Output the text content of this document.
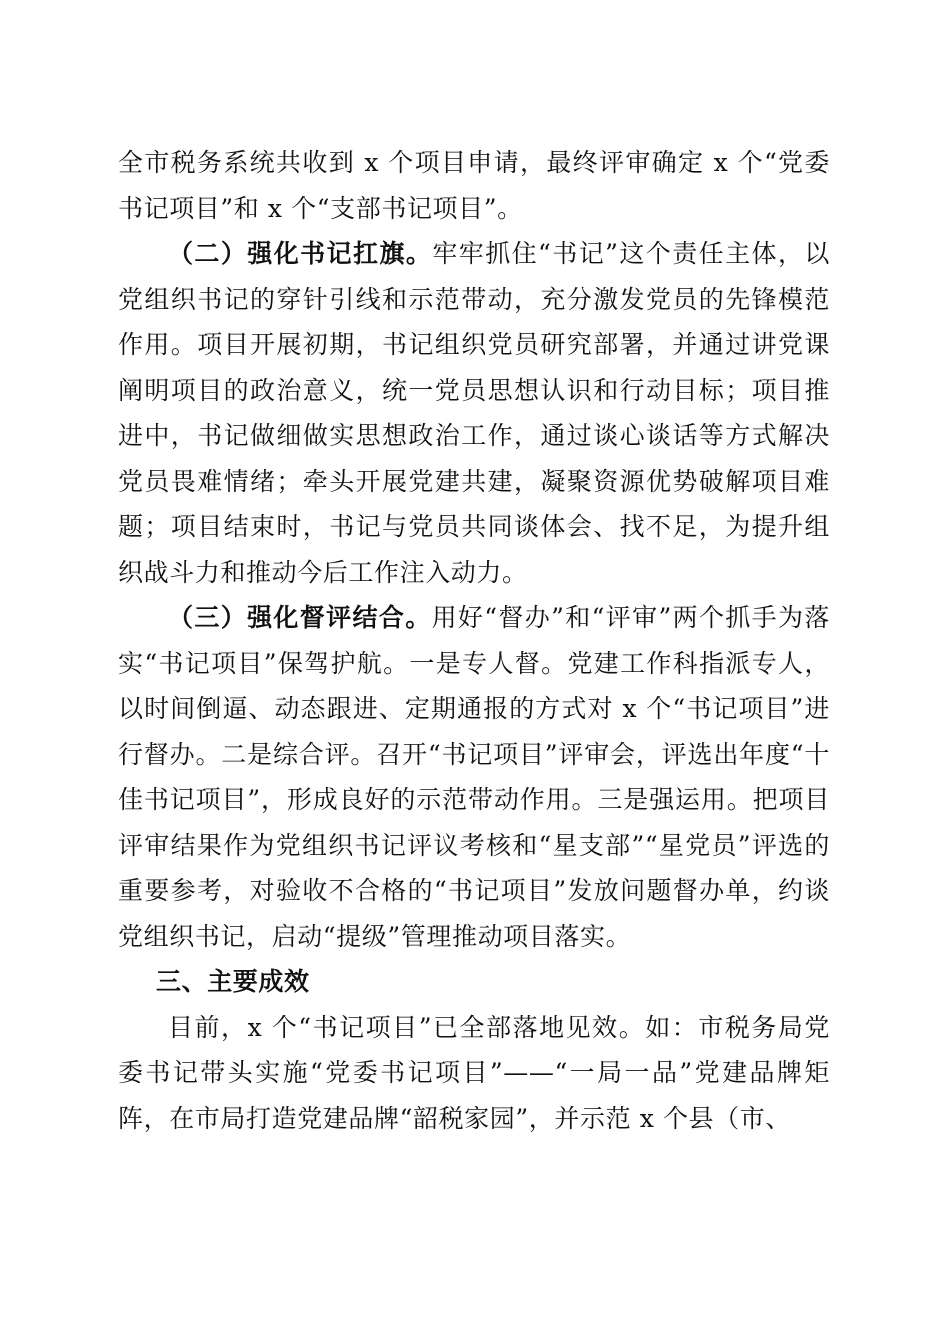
全市税务系统共收到 x 个项目申请，最终评审确定 x 个“党委书记项目”和 x 个“支部书记项目”。

（二）强化书记扛旗。牢牢抓住“书记”这个责任主体，以党组织书记的穿针引线和示范带动，充分激发党员的先锋模范作用。项目开展初期，书记组织党员研究部署，并通过讲党课阐明项目的政治意义，统一党员思想认识和行动目标；项目推进中，书记做细做实思想政治工作，通过谈心谈话等方式解决党员畏难情绪；牵头开展党建共建，凝聚资源优势破解项目难题；项目结束时，书记与党员共同谈体会、找不足，为提升组织战斗力和推动今后工作注入动力。

（三）强化督评结合。用好“督办”和“评审”两个抓手为落实“书记项目”保驾护航。一是专人督。党建工作科指派专人，以时间倒逼、动态跟进、定期通报的方式对 x 个“书记项目”进行督办。二是综合评。召开“书记项目”评审会，评选出年度“十佳书记项目”，形成良好的示范带动作用。三是强运用。把项目评审结果作为党组织书记评议考核和“星支部”“星党员”评选的重要参考，对验收不合格的“书记项目”发放问题督办单，约谈党组织书记，启动“提级”管理推动项目落实。

三、主要成效

目前，x 个“书记项目”已全部落地见效。如：市税务局党委书记带头实施“党委书记项目”——“一局一品”党建品牌矩阵，在市局打造党建品牌“韶税家园”，并示范 x 个县（市、
